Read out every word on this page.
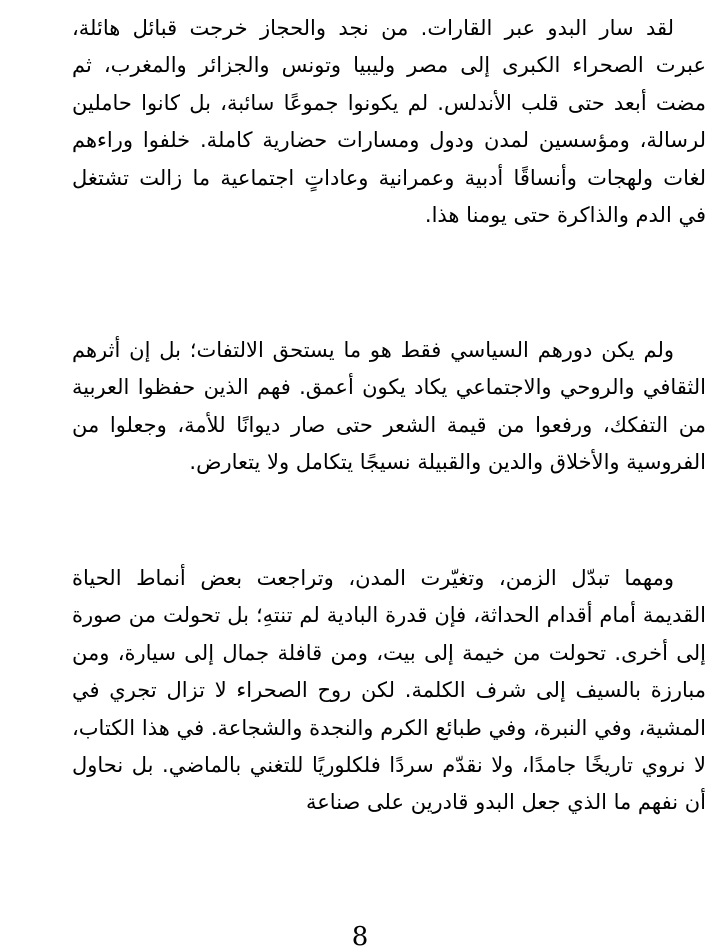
لقد سار البدو عبر القارات. من نجد والحجاز خرجت قبائل هائلة، عبرت الصحراء الكبرى إلى مصر وليبيا وتونس والجزائر والمغرب، ثم مضت أبعد حتى قلب الأندلس. لم يكونوا جموعًا سائبة، بل كانوا حاملين لرسالة، ومؤسسين لمدن ودول ومسارات حضارية كاملة. خلفوا وراءهم لغات ولهجات وأنساقًا أدبية وعمرانية وعاداتٍ اجتماعية ما زالت تشتغل في الدم والذاكرة حتى يومنا هذا.

ولم يكن دورهم السياسي فقط هو ما يستحق الالتفات؛ بل إن أثرهم الثقافي والروحي والاجتماعي يكاد يكون أعمق. فهم الذين حفظوا العربية من التفكك، ورفعوا من قيمة الشعر حتى صار ديوانًا للأمة، وجعلوا من الفروسية والأخلاق والدين والقبيلة نسيجًا يتكامل ولا يتعارض.

ومهما تبدّل الزمن، وتغيّرت المدن، وتراجعت بعض أنماط الحياة القديمة أمام أقدام الحداثة، فإن قدرة البادية لم تنتهِ؛ بل تحولت من صورة إلى أخرى. تحولت من خيمة إلى بيت، ومن قافلة جمال إلى سيارة، ومن مبارزة بالسيف إلى شرف الكلمة. لكن روح الصحراء لا تزال تجري في المشية، وفي النبرة، وفي طبائع الكرم والنجدة والشجاعة. في هذا الكتاب، لا نروي تاريخًا جامدًا، ولا نقدّم سردًا فلكلوريًا للتغني بالماضي. بل نحاول أن نفهم ما الذي جعل البدو قادرين على صناعة

8
